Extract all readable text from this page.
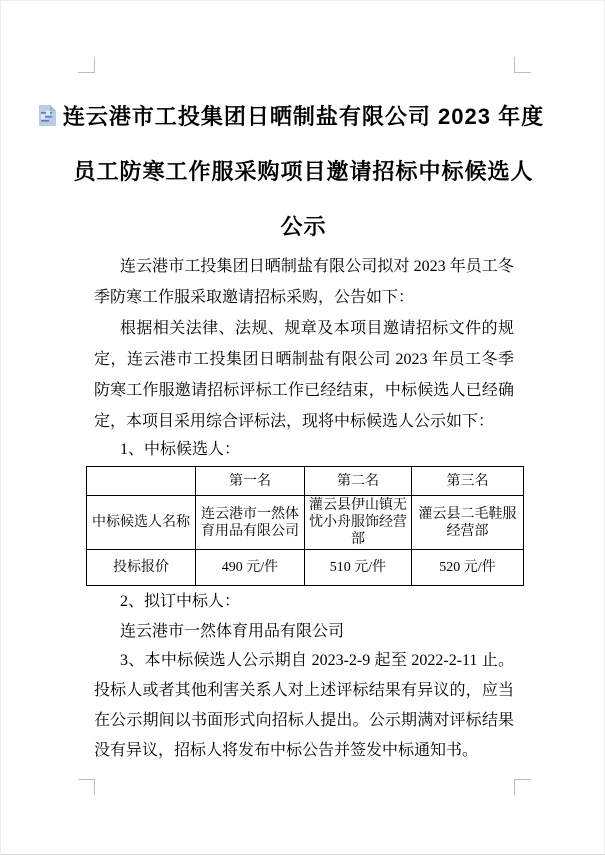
连云港市工投集团日晒制盐有限公司 2023 年度
员工防寒工作服采购项目邀请招标中标候选人
公示
连云港市工投集团日晒制盐有限公司拟对 2023 年员工冬季防寒工作服采取邀请招标采购，公告如下：
根据相关法律、法规、规章及本项目邀请招标文件的规定，连云港市工投集团日晒制盐有限公司 2023 年员工冬季防寒工作服邀请招标评标工作已经结束，中标候选人已经确定，本项目采用综合评标法，现将中标候选人公示如下：
1、中标候选人：
	第一名	第二名	第三名
中标候选人名称	连云港市一然体育用品有限公司	灌云县伊山镇无忧小舟服饰经营部	灌云县二毛鞋服经营部
投标报价	490 元/件	510 元/件	520 元/件
2、拟订中标人：
连云港市一然体育用品有限公司
3、本中标候选人公示期自 2023-2-9 起至 2022-2-11 止。投标人或者其他利害关系人对上述评标结果有异议的，应当在公示期间以书面形式向招标人提出。公示期满对评标结果没有异议，招标人将发布中标公告并签发中标通知书。
